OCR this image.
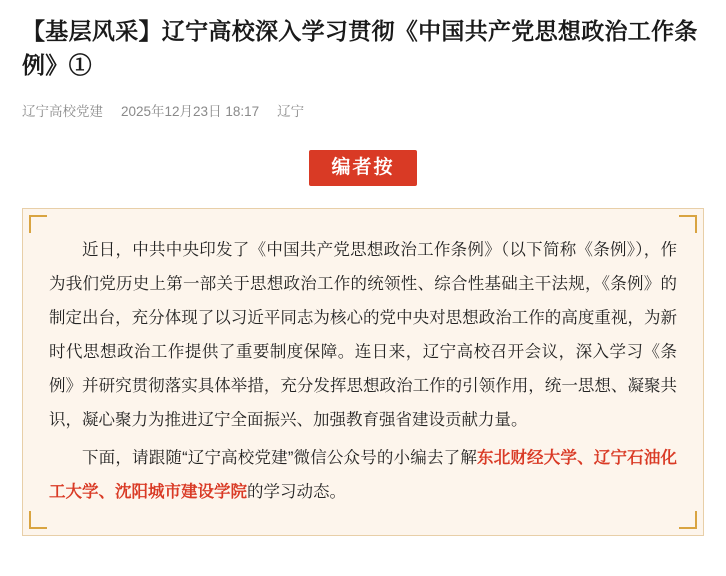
【基层风采】辽宁高校深入学习贯彻《中国共产党思想政治工作条例》①
辽宁高校党建 2025年12月23日 18:17 辽宁
编者按

近日，中共中央印发了《中国共产党思想政治工作条例》（以下简称《条例》），作为我们党历史上第一部关于思想政治工作的统领性、综合性基础主干法规，《条例》的制定出台，充分体现了以习近平同志为核心的党中央对思想政治工作的高度重视，为新时代思想政治工作提供了重要制度保障。连日来，辽宁高校召开会议，深入学习《条例》并研究贯彻落实具体举措，充分发挥思想政治工作的引领作用，统一思想、凝聚共识，凝心聚力为推进辽宁全面振兴、加强教育强省建设贡献力量。

下面，请跟随“辽宁高校党建”微信公众号的小编去了解东北财经大学、辽宁石油化工大学、沈阳城市建设学院的学习动态。
